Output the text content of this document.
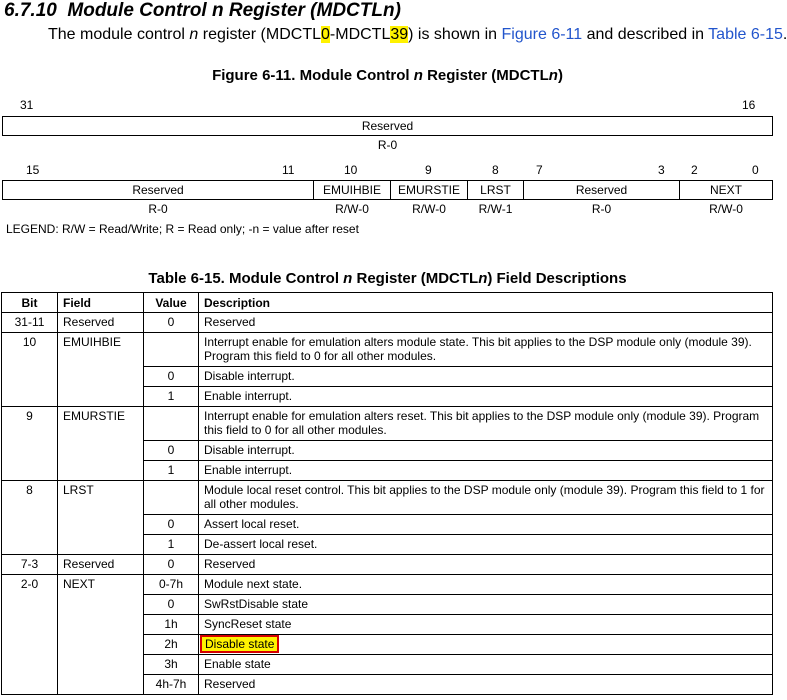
6.7.10 Module Control n Register (MDCTLn)

The module control n register (MDCTL0-MDCTL39) is shown in Figure 6-11 and described in Table 6-15.

Figure 6-11. Module Control n Register (MDCTLn)

31	16
Reserved
R-0
15	11	10	9	8	7	3 2	0
Reserved	EMUIHBIE	EMURSTIE	LRST	Reserved	NEXT
R-0	R/W-0	R/W-0	R/W-1	R-0	R/W-0

LEGEND: R/W = Read/Write; R = Read only; -n = value after reset

Table 6-15. Module Control n Register (MDCTLn) Field Descriptions

Bit	Field	Value	Description
31-11	Reserved	0	Reserved
10	EMUIHBIE		Interrupt enable for emulation alters module state. This bit applies to the DSP module only (module 39). Program this field to 0 for all other modules.
		0	Disable interrupt.
		1	Enable interrupt.
9	EMURSTIE		Interrupt enable for emulation alters reset. This bit applies to the DSP module only (module 39). Program this field to 0 for all other modules.
		0	Disable interrupt.
		1	Enable interrupt.
8	LRST		Module local reset control. This bit applies to the DSP module only (module 39). Program this field to 1 for all other modules.
		0	Assert local reset.
		1	De-assert local reset.
7-3	Reserved	0	Reserved
2-0	NEXT	0-7h	Module next state.
		0	SwRstDisable state
		1h	SyncReset state
		2h	Disable state
		3h	Enable state
		4h-7h	Reserved
